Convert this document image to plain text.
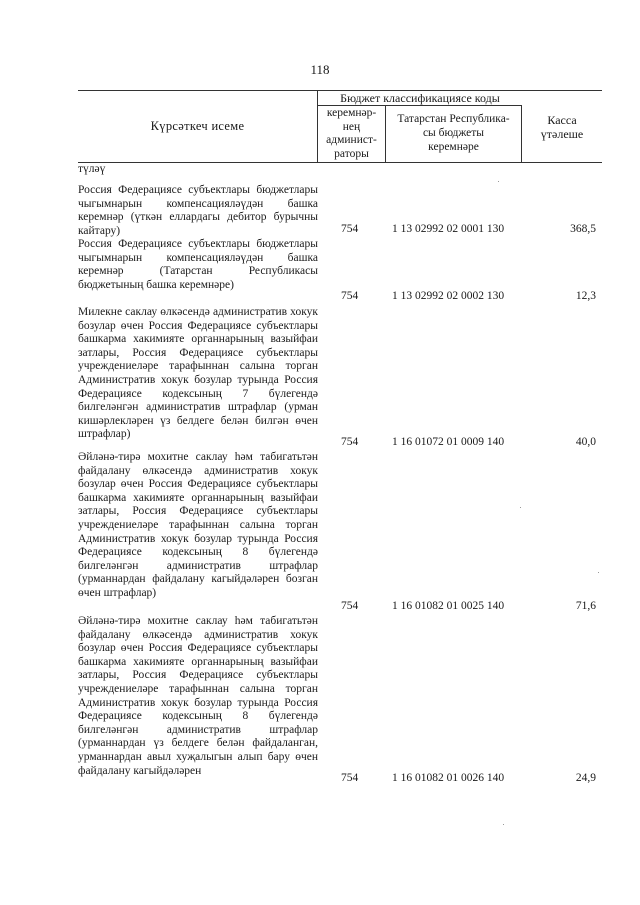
118
Күрсәткеч исеме
Бюджет классификациясе коды
керемнәр-
нең
админист-
раторы
Татарстан Республика-
сы бюджеты
керемнәре
Касса
үтәлеше
түләү
Россия Федерациясе субъектлары бюджетлары чыгымнарын компенсацияләүдән башка керемнәр (үткән еллардагы дебитор бурычны кайтару)	754	1 13 02992 02 0001 130	368,5
Россия Федерациясе субъектлары бюджетлары чыгымнарын компенсацияләүдән башка керемнәр (Татарстан Республикасы бюджетының башка керемнәре)
754	1 13 02992 02 0002 130	12,3
Милекне саклау өлкәсендә административ хокук бозулар өчен Россия Федерациясе субъектлары башкарма хакимияте органнарының вазыйфаи затлары, Россия Федерациясе субъектлары учреждениеләре тарафыннан салына торган Административ хокук бозулар турында Россия Федерациясе кодексының 7 бүлегендә билгеләнгән административ штрафлар (урман кишәрлекләрен үз белдеге белән билгән өчен штрафлар)
754	1 16 01072 01 0009 140	40,0
Әйләнә-тирә мохитне саклау һәм табигатьтән файдалану өлкәсендә административ хокук бозулар өчен Россия Федерациясе субъектлары башкарма хакимияте органнарының вазыйфаи затлары, Россия Федерациясе субъектлары учреждениеләре тарафыннан салына торган Административ хокук бозулар турында Россия Федерациясе кодексының 8 бүлегендә билгеләнгән административ штрафлар (урманнардан файдалану кагыйдәләрен бозган өчен штрафлар)
754	1 16 01082 01 0025 140	71,6
Әйләнә-тирә мохитне саклау һәм табигатьтән файдалану өлкәсендә административ хокук бозулар өчен Россия Федерациясе субъектлары башкарма хакимияте органнарының вазыйфаи затлары, Россия Федерациясе субъектлары учреждениеләре тарафыннан салына торган Административ хокук бозулар турында Россия Федерациясе кодексының 8 бүлегендә билгеләнгән административ штрафлар (урманнардан үз белдеге белән файдаланган, урманнардан авыл хуҗалыгын алып бару өчен файдалану кагыйдәләрен
754	1 16 01082 01 0026 140	24,9
